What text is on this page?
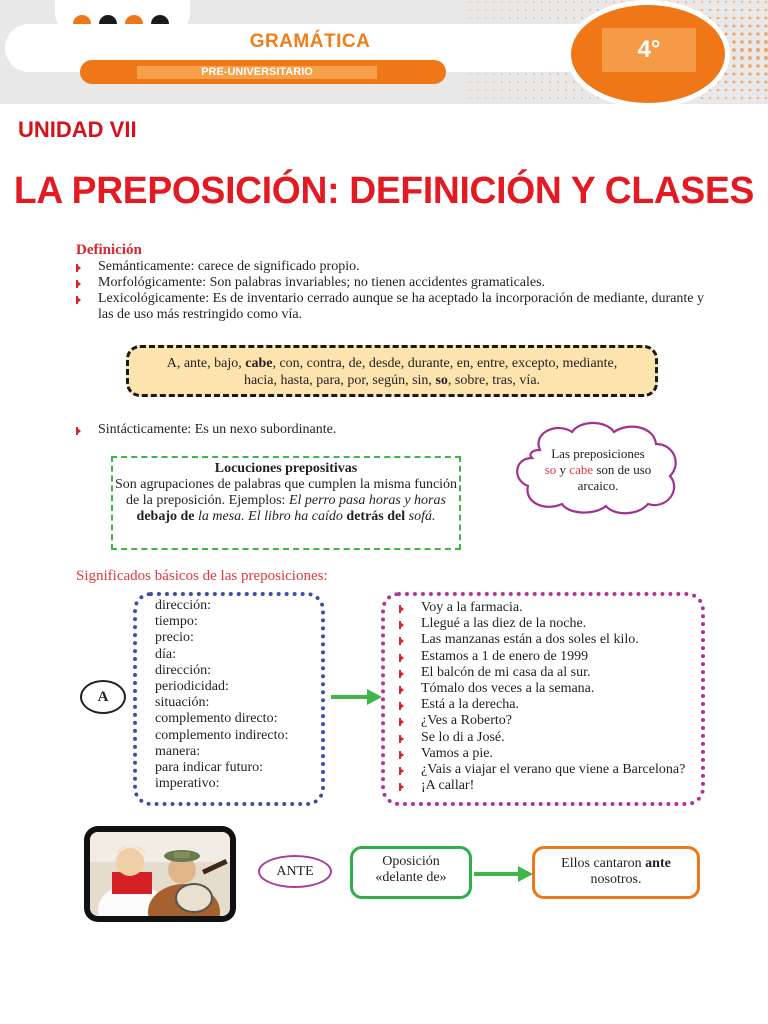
GRAMÁTICA
PRE-UNIVERSITARIO
4°
UNIDAD VII
LA PREPOSICIÓN: DEFINICIÓN Y CLASES
Definición
Semánticamente: carece de significado propio.
Morfológicamente: Son palabras invariables; no tienen accidentes gramaticales.
Lexicológicamente: Es de inventario cerrado aunque se ha aceptado la incorporación de mediante, durante y las de uso más restringido como vía.
A, ante, bajo, cabe, con, contra, de, desde, durante, en, entre, excepto, mediante,
hacia, hasta, para, por, según, sin, so, sobre, tras, vía.
Sintácticamente: Es un nexo subordinante.
Locuciones prepositivas
Son agrupaciones de palabras que cumplen la misma función de la preposición. Ejemplos: El perro pasa horas y horas debajo de la mesa. El libro ha caído detrás del sofá.
Las preposiciones
so y cabe son de uso arcaico.
Significados básicos de las preposiciones:
A
dirección:
tiempo:
precio:
día:
dirección:
periodicidad:
situación:
complemento directo:
complemento indirecto:
manera:
para indicar futuro:
imperativo:
Voy a la farmacia.
Llegué a las diez de la noche.
Las manzanas están a dos soles el kilo.
Estamos a 1 de enero de 1999
El balcón de mi casa da al sur.
Tómalo dos veces a la semana.
Está a la derecha.
¿Ves a Roberto?
Se lo di a José.
Vamos a pie.
¿Vais a viajar el verano que viene a Barcelona?
¡A callar!
ANTE
Oposición
«delante de»
Ellos cantaron ante
nosotros.
